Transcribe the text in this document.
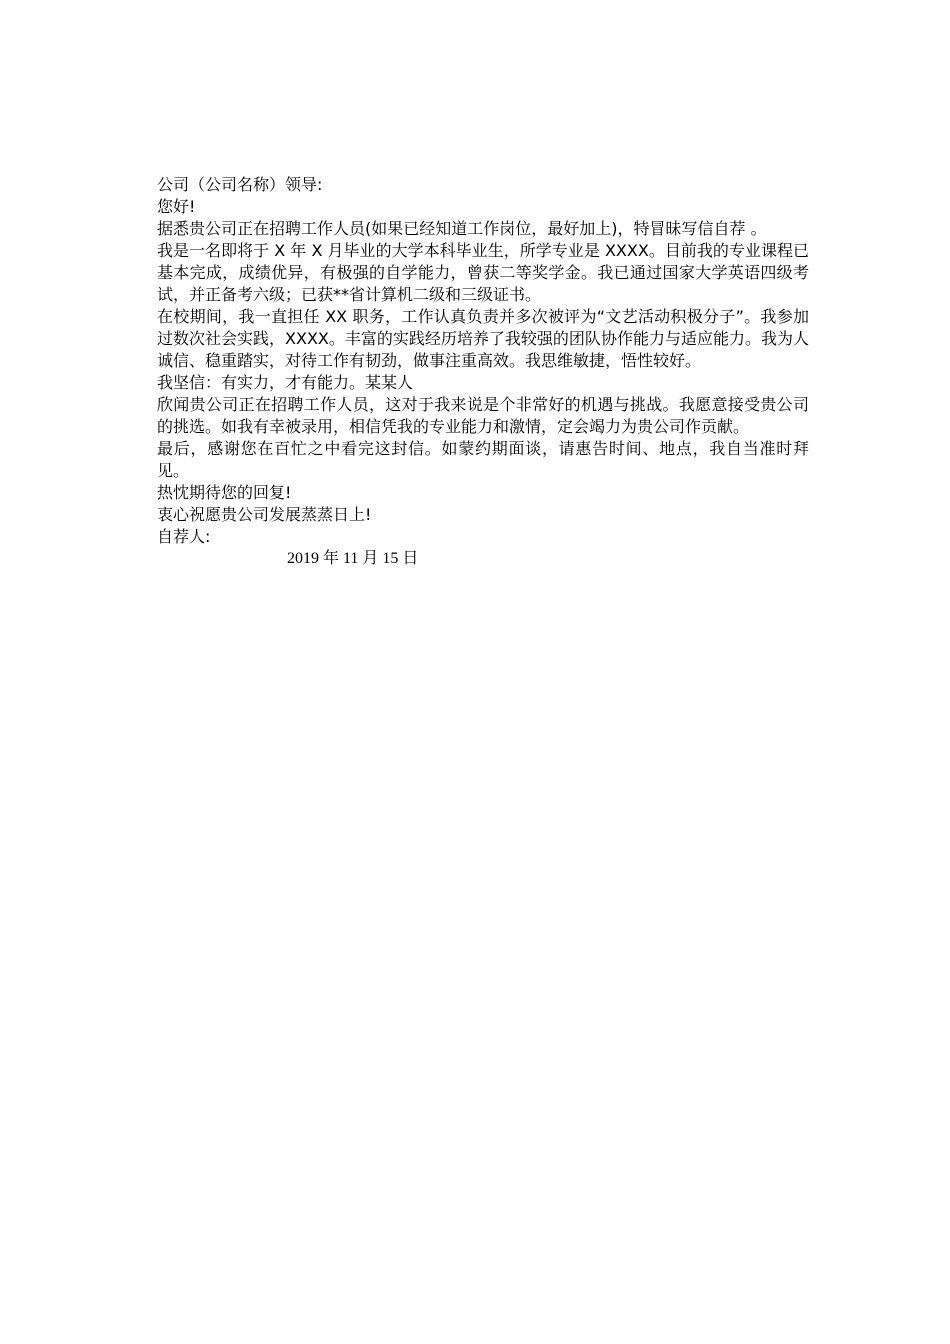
公司（公司名称）领导:

您好!

据悉贵公司正在招聘工作人员(如果已经知道工作岗位，最好加上)，特冒昧写信自荐 。

我是一名即将于 X 年 X 月毕业的大学本科毕业生，所学专业是 XXXX。目前我的专业课程已基本完成，成绩优异，有极强的自学能力，曾获二等奖学金。我已通过国家大学英语四级考试，并正备考六级；已获**省计算机二级和三级证书。

在校期间，我一直担任 XX 职务，工作认真负责并多次被评为“文艺活动积极分子”。我参加过数次社会实践，XXXX。丰富的实践经历培养了我较强的团队协作能力与适应能力。我为人诚信、稳重踏实，对待工作有韧劲，做事注重高效。我思维敏捷，悟性较好。

我坚信：有实力，才有能力。某某人

欣闻贵公司正在招聘工作人员，这对于我来说是个非常好的机遇与挑战。我愿意接受贵公司的挑选。如我有幸被录用，相信凭我的专业能力和激情，定会竭力为贵公司作贡献。

最后，感谢您在百忙之中看完这封信。如蒙约期面谈，请惠告时间、地点，我自当准时拜见。

热忱期待您的回复!

衷心祝愿贵公司发展蒸蒸日上!

自荐人:

2019 年 11 月 15 日
